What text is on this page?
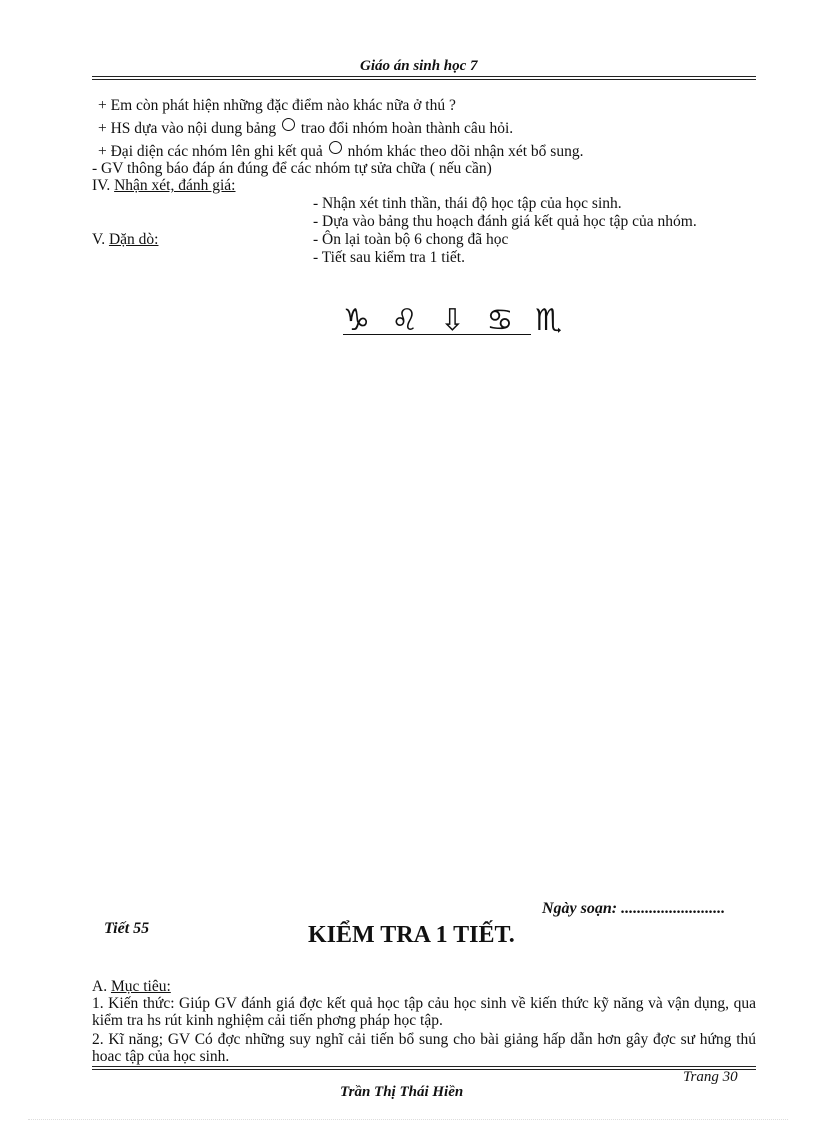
Giáo án sinh học 7
+ Em còn phát hiện những đặc điểm nào khác nữa ở thú ?
+ HS dựa vào nội dung bảng trao đổi nhóm hoàn thành câu hỏi.
+ Đại diện các nhóm lên ghi kết quả nhóm khác theo dõi nhận xét bổ sung.
- GV thông báo đáp án đúng để các nhóm tự sửa chữa ( nếu cần)
IV. Nhận xét, đánh giá:
- Nhận xét tinh thần, thái độ học tập của học sinh.
- Dựa vào bảng thu hoạch đánh giá kết quả học tập của nhóm.
V. Dặn dò:	- Ôn lại toàn bộ 6 chong đã học
- Tiết sau kiểm tra 1 tiết.
♑ ♌ ⇩ ♋ ♏
Ngày soạn: ..........................
Tiết 55	KIỂM TRA 1 TIẾT.
A. Mục tiêu:
1. Kiến thức: Giúp GV đánh giá đợc kết quả học tập cảu học sinh về kiến thức kỹ năng và vận dụng, qua kiểm tra hs rút kinh nghiệm cải tiến phơng pháp học tập.
2. Kĩ năng; GV Có đợc những suy nghĩ cải tiến bổ sung cho bài giảng hấp dẫn hơn gây đợc sư hứng thú hoac tập của học sinh.
Trang 30
Trần Thị Thái Hiền
